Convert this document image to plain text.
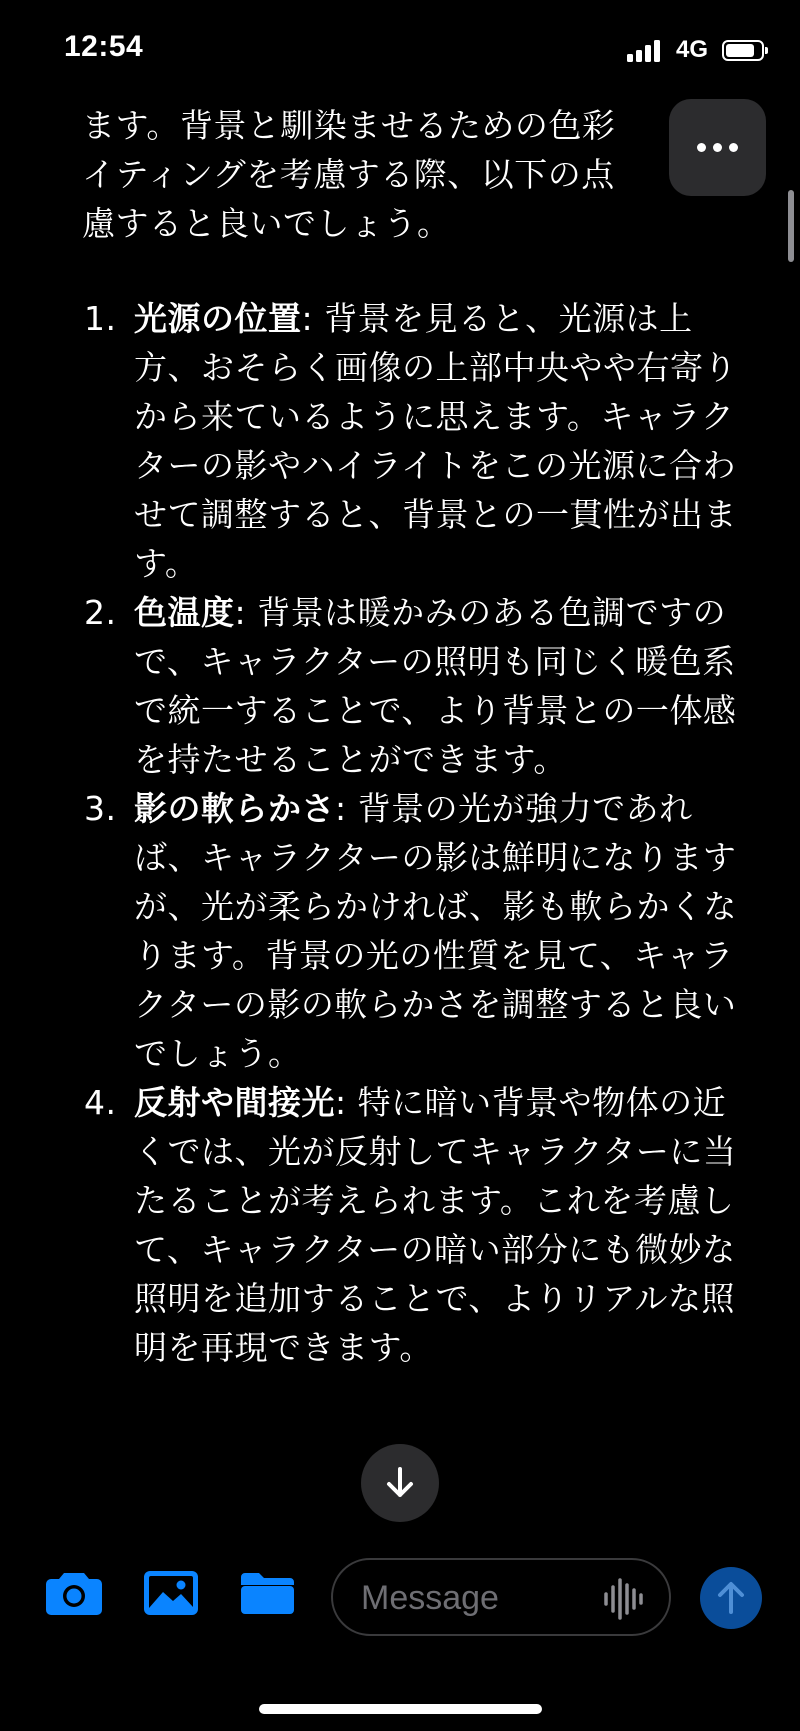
12:54	4G

ます。背景と馴染ませるための色彩
イティングを考慮する際、以下の点
慮すると良いでしょう。

1. 光源の位置: 背景を見ると、光源は上方、おそらく画像の上部中央やや右寄りから来ているように思えます。キャラクターの影やハイライトをこの光源に合わせて調整すると、背景との一貫性が出ます。
2. 色温度: 背景は暖かみのある色調ですので、キャラクターの照明も同じく暖色系で統一することで、より背景との一体感を持たせることができます。
3. 影の軟らかさ: 背景の光が強力であれば、キャラクターの影は鮮明になりますが、光が柔らかければ、影も軟らかくなります。背景の光の性質を見て、キャラクターの影の軟らかさを調整すると良いでしょう。
4. 反射や間接光: 特に暗い背景や物体の近くでは、光が反射してキャラクターに当たることが考えられます。これを考慮して、キャラクターの暗い部分にも微妙な照明を追加することで、よりリアルな照明を再現できます。
Message
